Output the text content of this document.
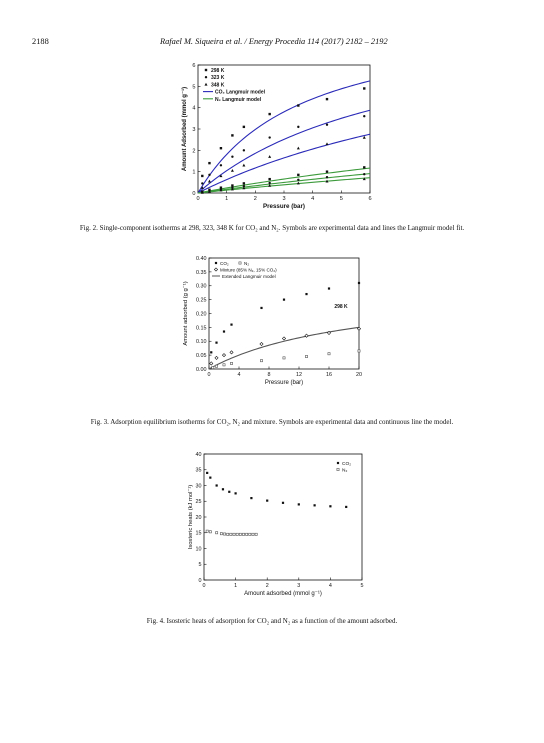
2188	Rafael M. Siqueira et al. / Energy Procedia 114 (2017) 2182 – 2192
0	1	2	3	4	5	6
0
1
2
3
4
5
6
Pressure (bar)
Amount Adsorbed (mmol g⁻¹)
298 K
323 K
348 K
CO₂ Langmuir model
N₂ Langmuir model
Fig. 2. Single-component isotherms at 298, 323, 348 K for CO₂ and N₂. Symbols are experimental data and lines the Langmuir model fit.
0	4	8	12	16	20
0.00
0.05
0.10
0.15
0.20
0.25
0.30
0.35
0.40
Pressure (bar)
Amount adsorbed (g g⁻¹)
CO₂	N₂
Mixture (85% N₂, 15% CO₂)
Extended Langmuir model
298 K
Fig. 3. Adsorption equilibrium isotherms for CO₂, N₂ and mixture. Symbols are experimental data and continuous line the model.
0	1	2	3	4	5
0
5
10
15
20
25
30
35
40
Amount adsorbed (mmol g⁻¹)
Isosteric heats (kJ mol⁻¹)
CO₂
N₂
Fig. 4. Isosteric heats of adsorption for CO₂ and N₂ as a function of the amount adsorbed.
